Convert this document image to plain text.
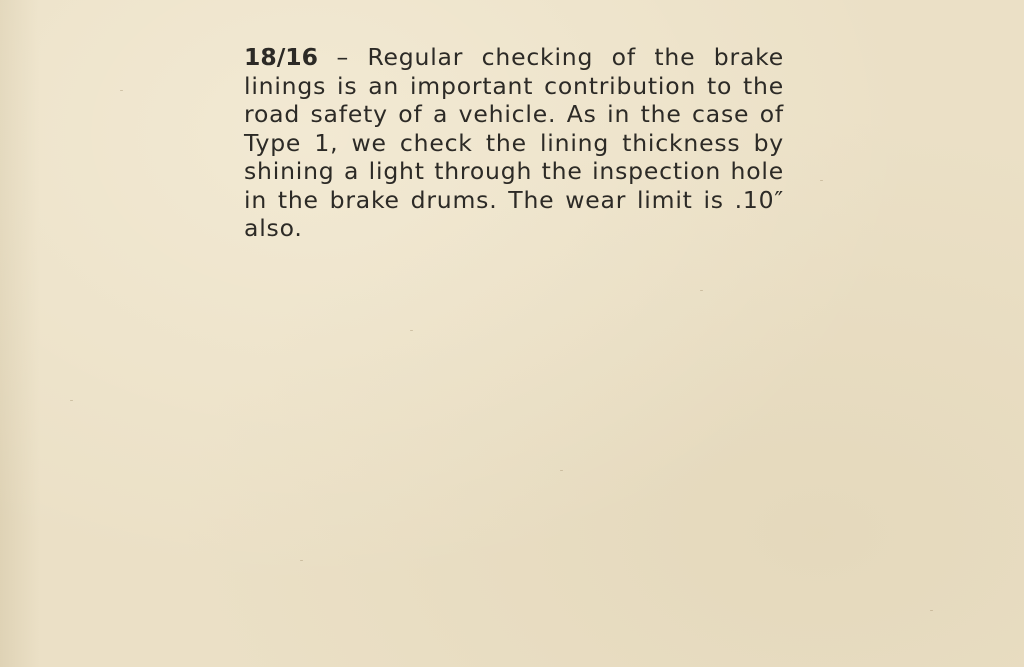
18/16 – Regular checking of the brake linings is an important contribution to the road safety of a vehicle. As in the case of Type 1, we check the lining thickness by shining a light through the inspection hole in the brake drums. The wear limit is .10″ also.
